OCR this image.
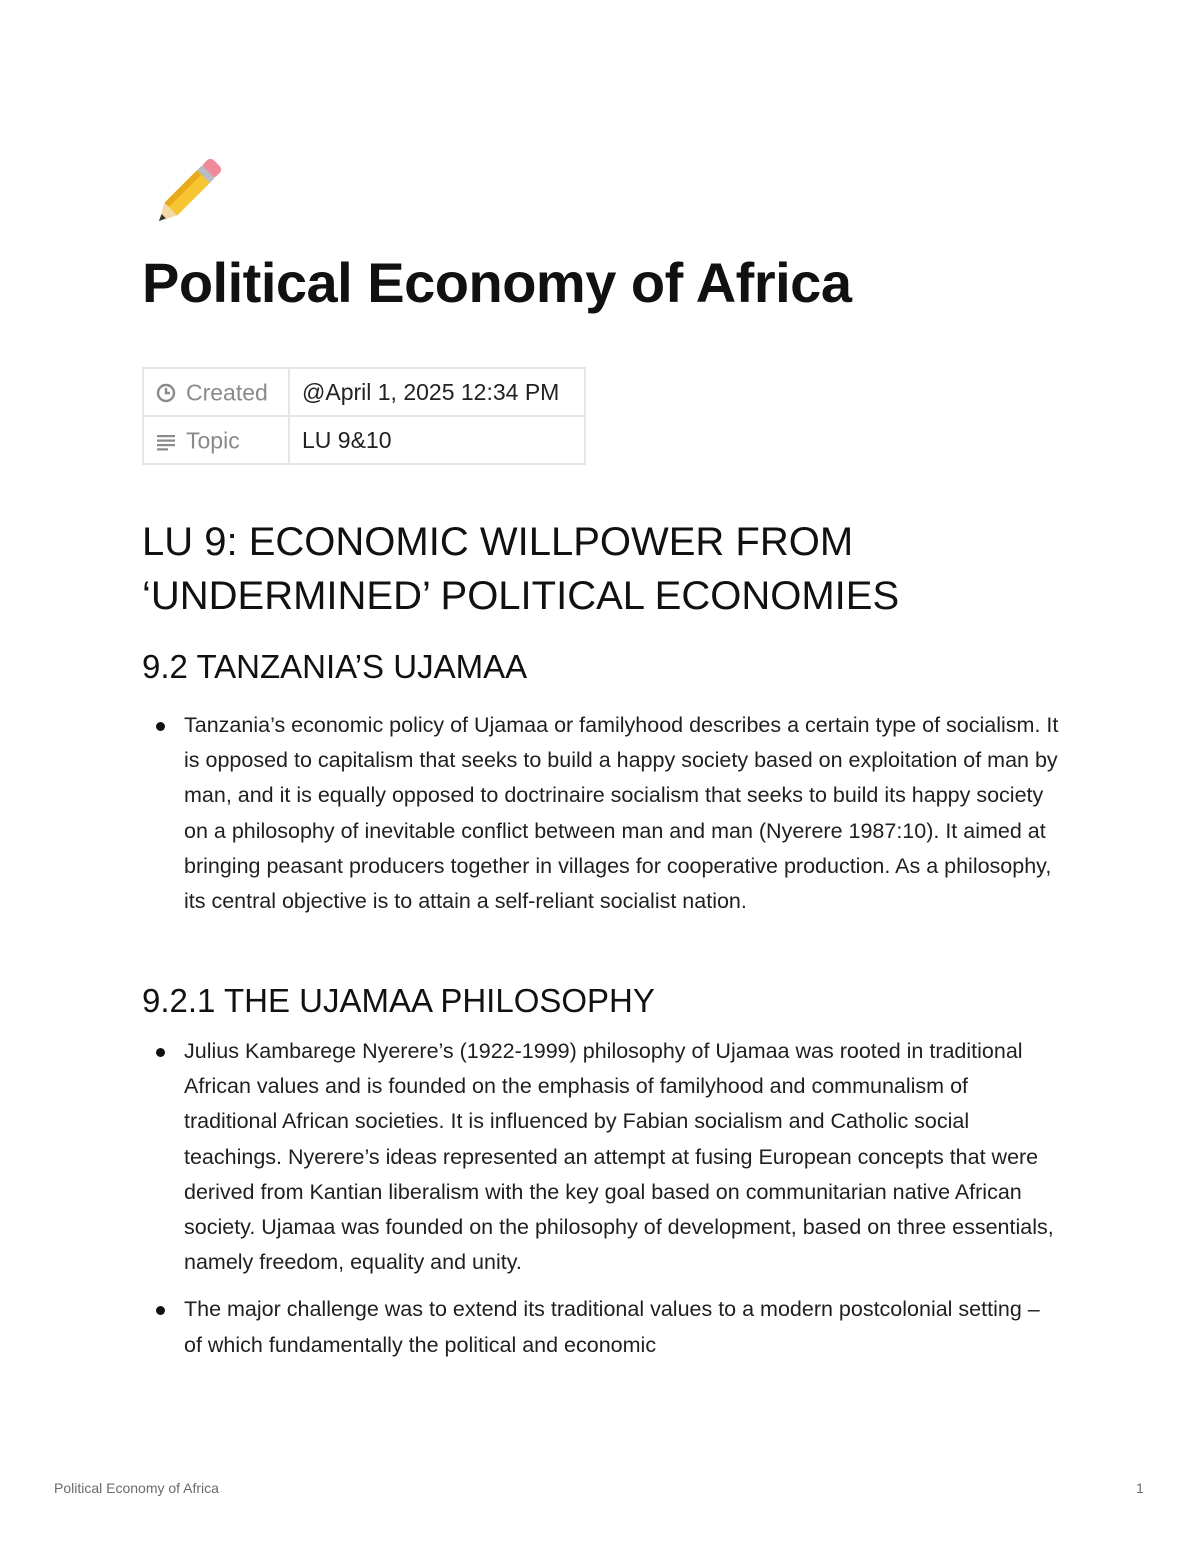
Political Economy of Africa
Created	@April 1, 2025 12:34 PM
Topic	LU 9&10
LU 9: ECONOMIC WILLPOWER FROM ‘UNDERMINED’ POLITICAL ECONOMIES
9.2 TANZANIA’S UJAMAA
Tanzania’s economic policy of Ujamaa or familyhood describes a certain type of socialism. It is opposed to capitalism that seeks to build a happy society based on exploitation of man by man, and it is equally opposed to doctrinaire socialism that seeks to build its happy society on a philosophy of inevitable conflict between man and man (Nyerere 1987:10). It aimed at bringing peasant producers together in villages for cooperative production. As a philosophy, its central objective is to attain a self-reliant socialist nation.
9.2.1 THE UJAMAA PHILOSOPHY
Julius Kambarege Nyerere’s (1922-1999) philosophy of Ujamaa was rooted in traditional African values and is founded on the emphasis of familyhood and communalism of traditional African societies. It is influenced by Fabian socialism and Catholic social teachings. Nyerere’s ideas represented an attempt at fusing European concepts that were derived from Kantian liberalism with the key goal based on communitarian native African society. Ujamaa was founded on the philosophy of development, based on three essentials, namely freedom, equality and unity.
The major challenge was to extend its traditional values to a modern postcolonial setting – of which fundamentally the political and economic
Political Economy of Africa	1
